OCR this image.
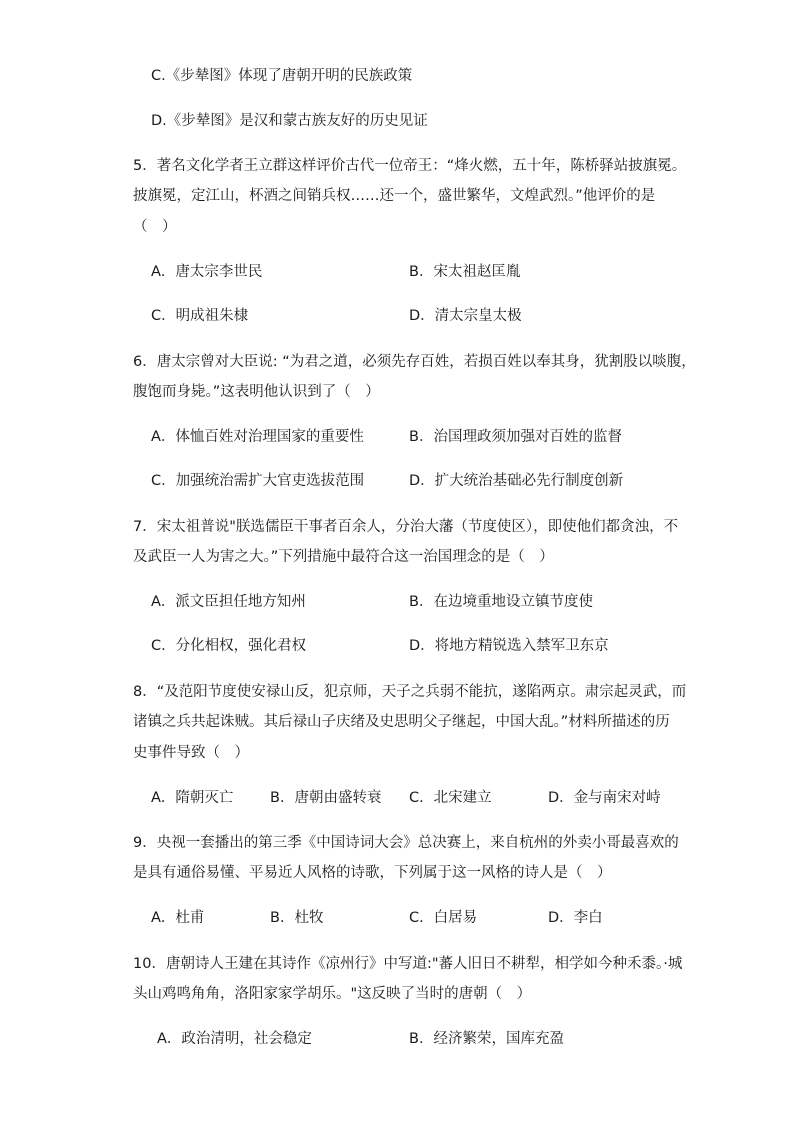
C.《步辇图》体现了唐朝开明的民族政策
D.《步辇图》是汉和蒙古族友好的历史见证
5．著名文化学者王立群这样评价古代一位帝王：“烽火燃，五十年，陈桥驿站披旗冕。
披旗冕，定江山，杯酒之间销兵权……还一个，盛世繁华，文煌武烈。”他评价的是
（　）
A．唐太宗李世民	B．宋太祖赵匡胤
C．明成祖朱棣	D．清太宗皇太极
6．唐太宗曾对大臣说: “为君之道，必须先存百姓，若损百姓以奉其身，犹割股以啖腹，
腹饱而身毙。”这表明他认识到了（　）
A．体恤百姓对治理国家的重要性	B．治国理政须加强对百姓的监督
C．加强统治需扩大官吏选拔范围	D．扩大统治基础必先行制度创新
7．宋太祖普说"朕选儒臣干事者百余人，分治大藩（节度使区），即使他们都贪浊，不
及武臣一人为害之大。”下列措施中最符合这一治国理念的是（　）
A．派文臣担任地方知州	B．在边境重地设立镇节度使
C．分化相权，强化君权	D．将地方精锐选入禁军卫东京
8．“及范阳节度使安禄山反，犯京师，天子之兵弱不能抗，遂陷两京。肃宗起灵武，而
诸镇之兵共起诛贼。其后禄山子庆绪及史思明父子继起，中国大乱。”材料所描述的历
史事件导致（　）
A．隋朝灭亡	B．唐朝由盛转衰 C．北宋建立	D．金与南宋对峙
9．央视一套播出的第三季《中国诗词大会》总决赛上，来自杭州的外卖小哥最喜欢的
是具有通俗易懂、平易近人风格的诗歌，下列属于这一风格的诗人是（　）
A．杜甫	B．杜牧	C．白居易	D．李白
10．唐朝诗人王建在其诗作《凉州行》中写道:"蕃人旧日不耕犁，相学如今种禾黍。·城
头山鸡鸣角角，洛阳家家学胡乐。"这反映了当时的唐朝（　）
A．政治清明，社会稳定	B．经济繁荣，国库充盈
